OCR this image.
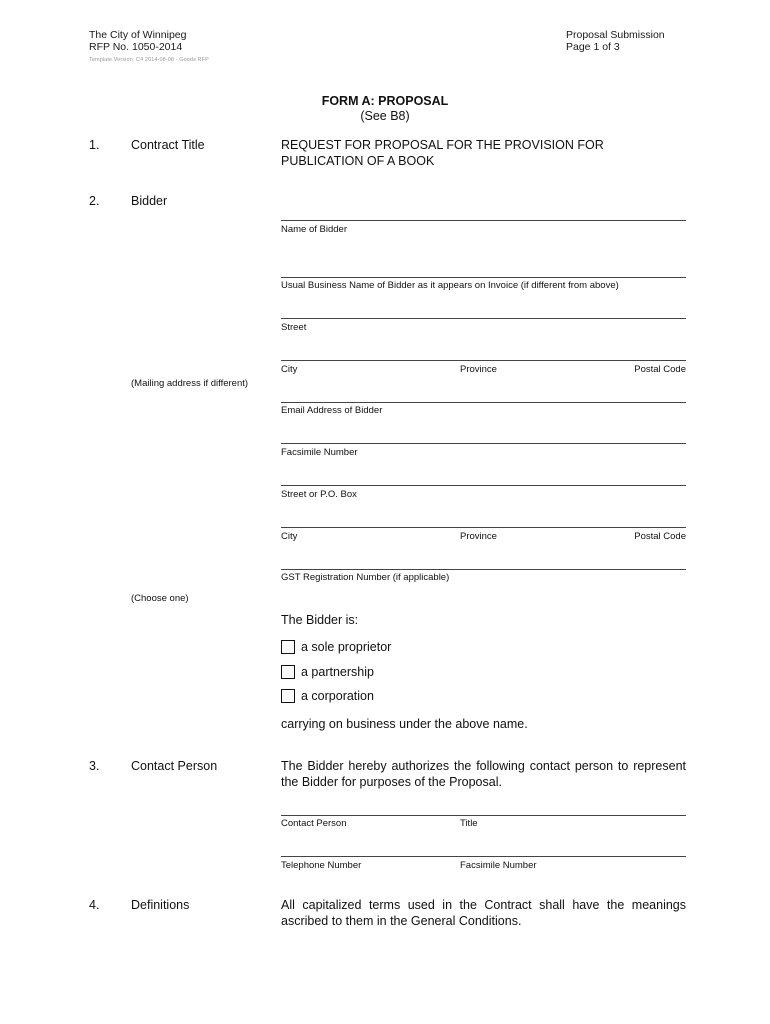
The City of Winnipeg
RFP No. 1050-2014
Proposal Submission
Page 1 of 3
Template Version: C4 2014-08-08 - Goods RFP
FORM A: PROPOSAL
(See B8)
1.	Contract Title	REQUEST FOR PROPOSAL FOR THE PROVISION FOR PUBLICATION OF A BOOK
2.	Bidder
Name of Bidder
Usual Business Name of Bidder as it appears on Invoice (if different from above)
Street
City	Province	Postal Code
(Mailing address if different)
Email Address of Bidder
Facsimile Number
Street or P.O. Box
City	Province	Postal Code
GST Registration Number (if applicable)
(Choose one)
The Bidder is:
a sole proprietor
a partnership
a corporation
carrying on business under the above name.
3.	Contact Person	The Bidder hereby authorizes the following contact person to represent the Bidder for purposes of the Proposal.
Contact Person	Title
Telephone Number	Facsimile Number
4.	Definitions	All capitalized terms used in the Contract shall have the meanings ascribed to them in the General Conditions.
